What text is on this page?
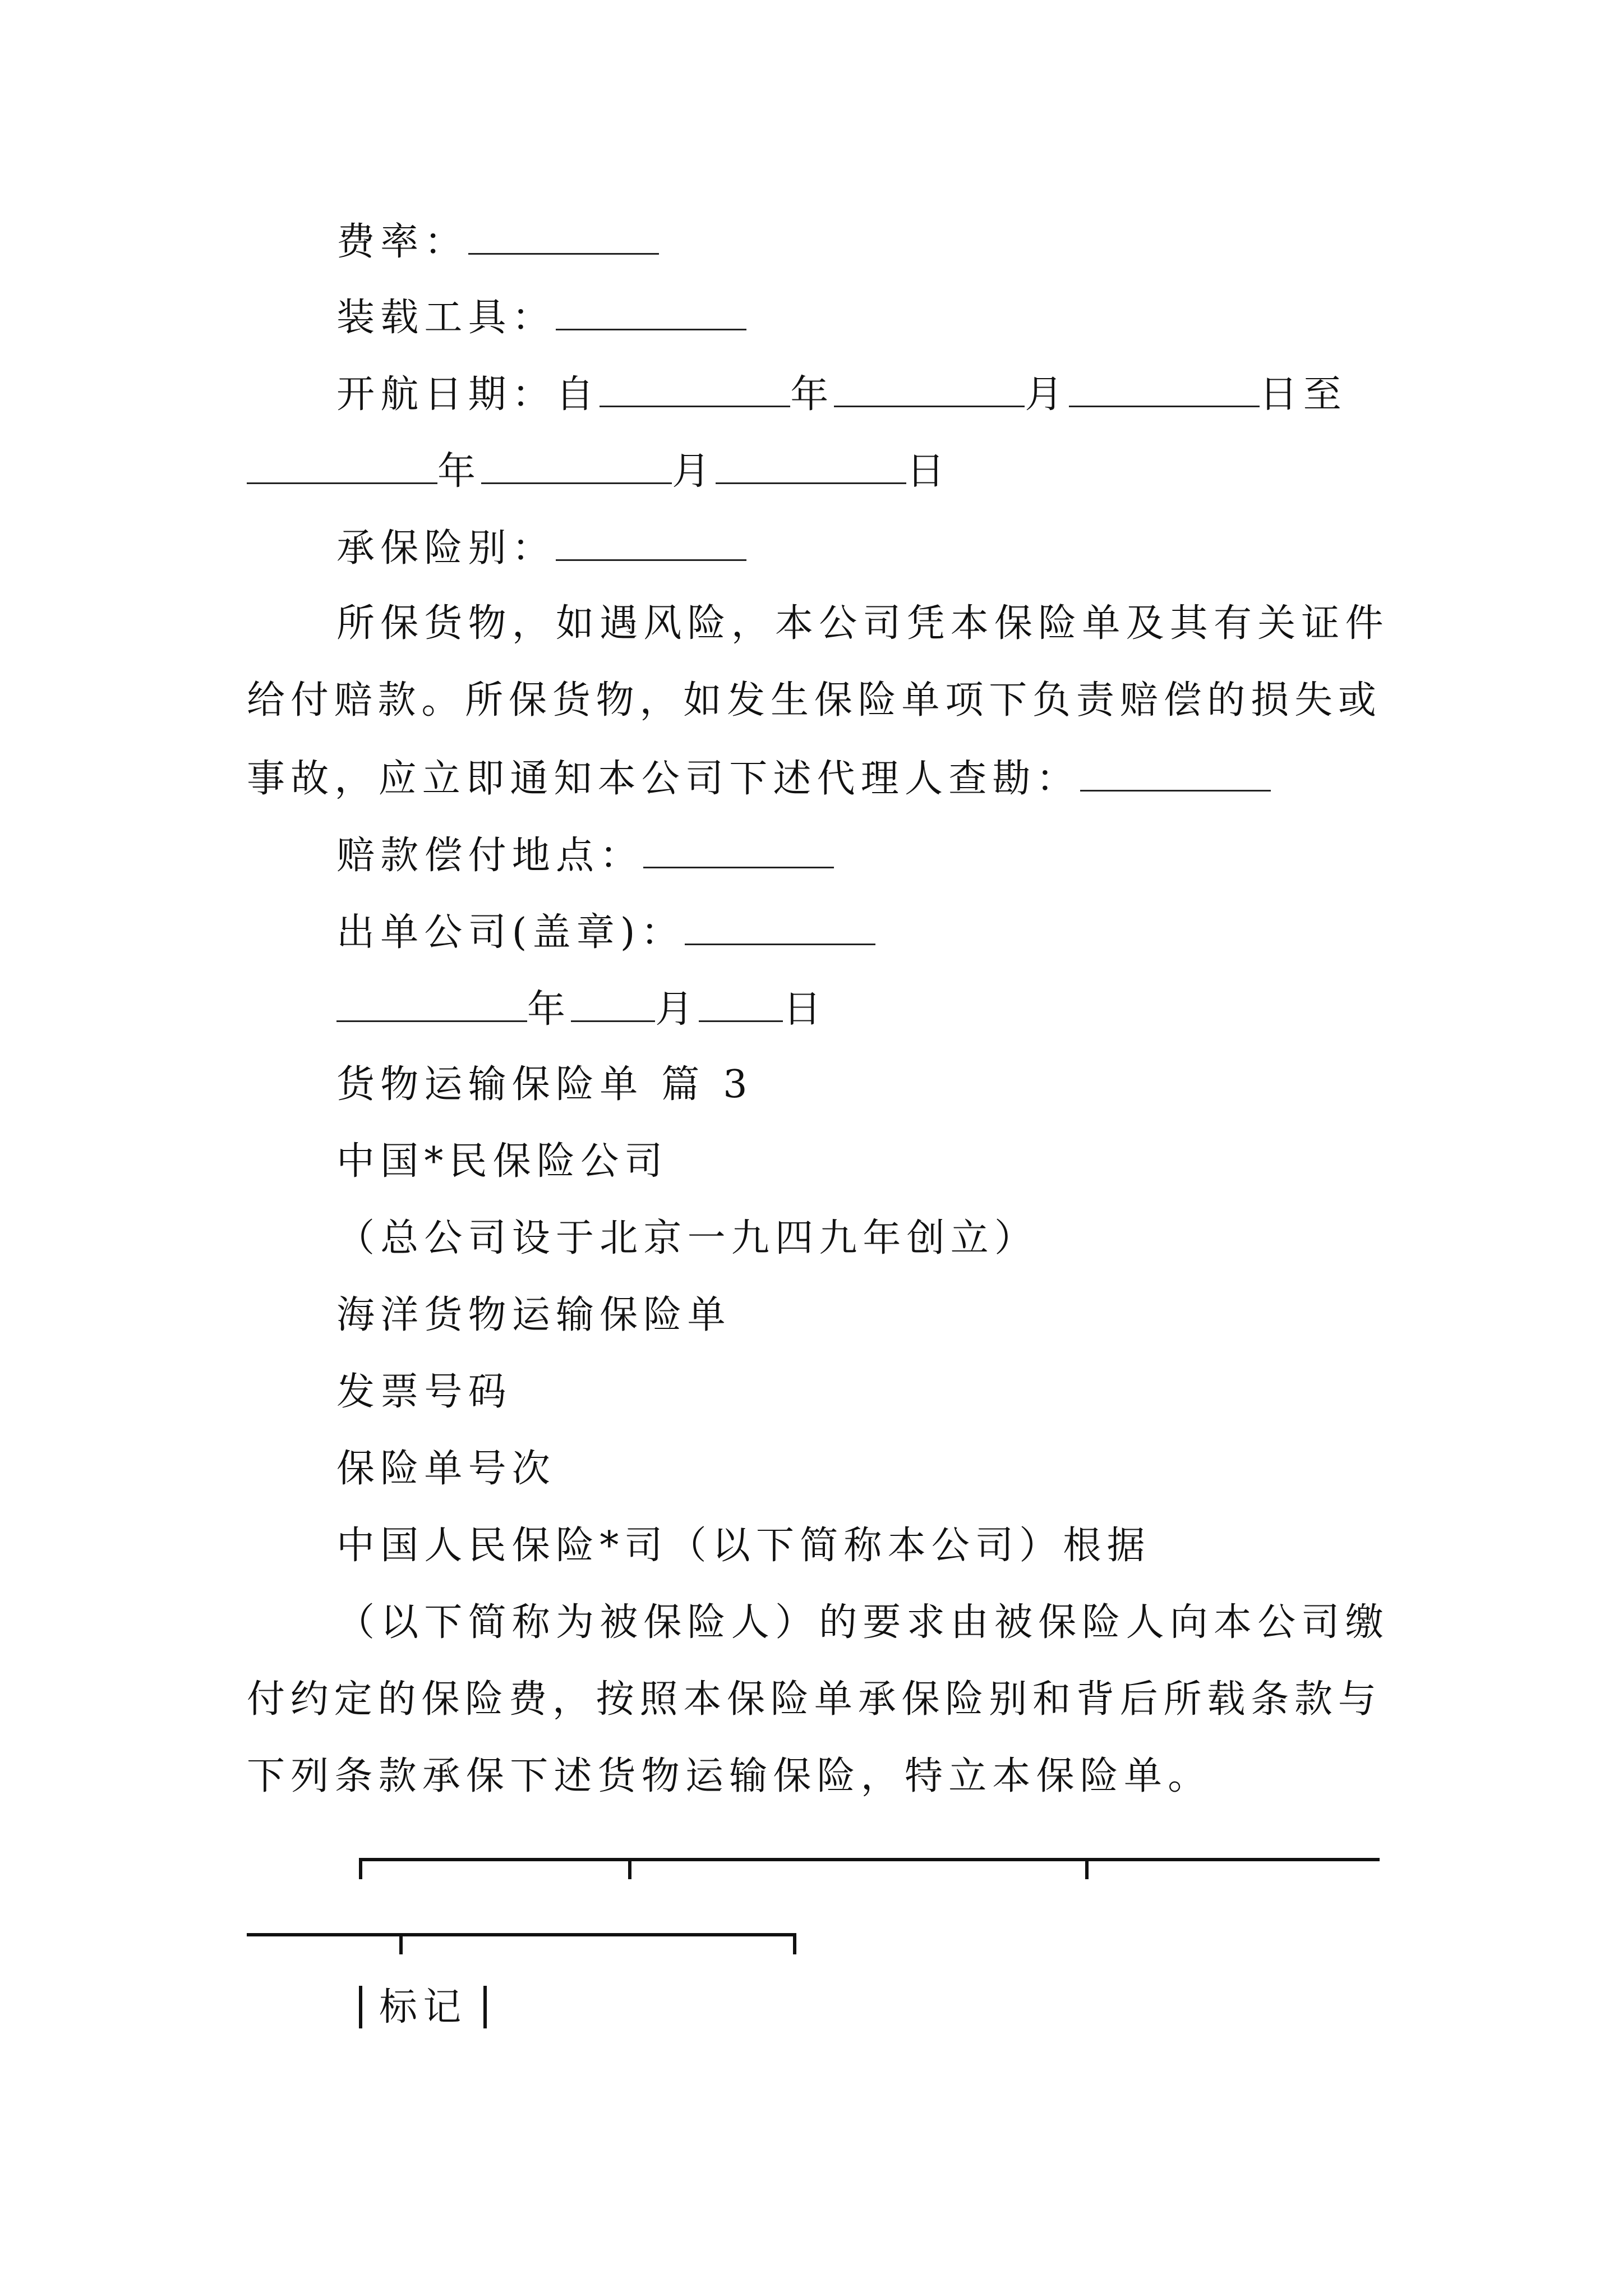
费率：
装载工具：
开航日期：自	年	月	日至
年	月	日
承保险别：
所保货物，如遇风险，本公司凭本保险单及其有关证件
给付赔款。所保货物，如发生保险单项下负责赔偿的损失或
事故，应立即通知本公司下述代理人查勘：
赔款偿付地点：
出单公司(盖章)：
年 月 日
货物运输保险单 篇 3
中国*民保险公司
（总公司设于北京一九四九年创立）
海洋货物运输保险单
发票号码
保险单号次
中国人民保险*司（以下简称本公司）根据
（以下简称为被保险人）的要求由被保险人向本公司缴
付约定的保险费，按照本保险单承保险别和背后所载条款与
下列条款承保下述货物运输保险，特立本保险单。
标记
